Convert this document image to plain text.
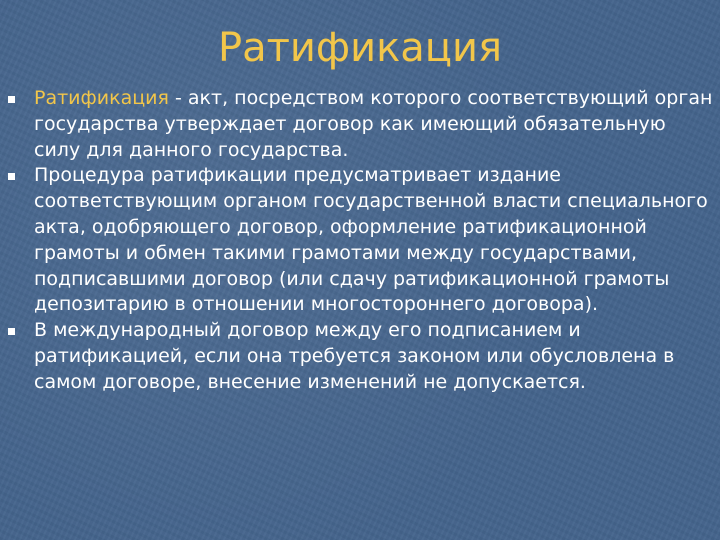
Ратификация
Ратификация - акт, посредством которого соответствующий орган государства утверждает договор как имеющий обязательную силу для данного государства.
Процедура ратификации предусматривает издание соответствующим органом государственной власти специального акта, одобряющего договор, оформление ратификационной грамоты и обмен такими грамотами между государствами, подписавшими договор (или сдачу ратификационной грамоты депозитарию в отношении многостороннего договора).
В международный договор между его подписанием и ратификацией, если она требуется законом или обусловлена в самом договоре, внесение изменений не допускается.
